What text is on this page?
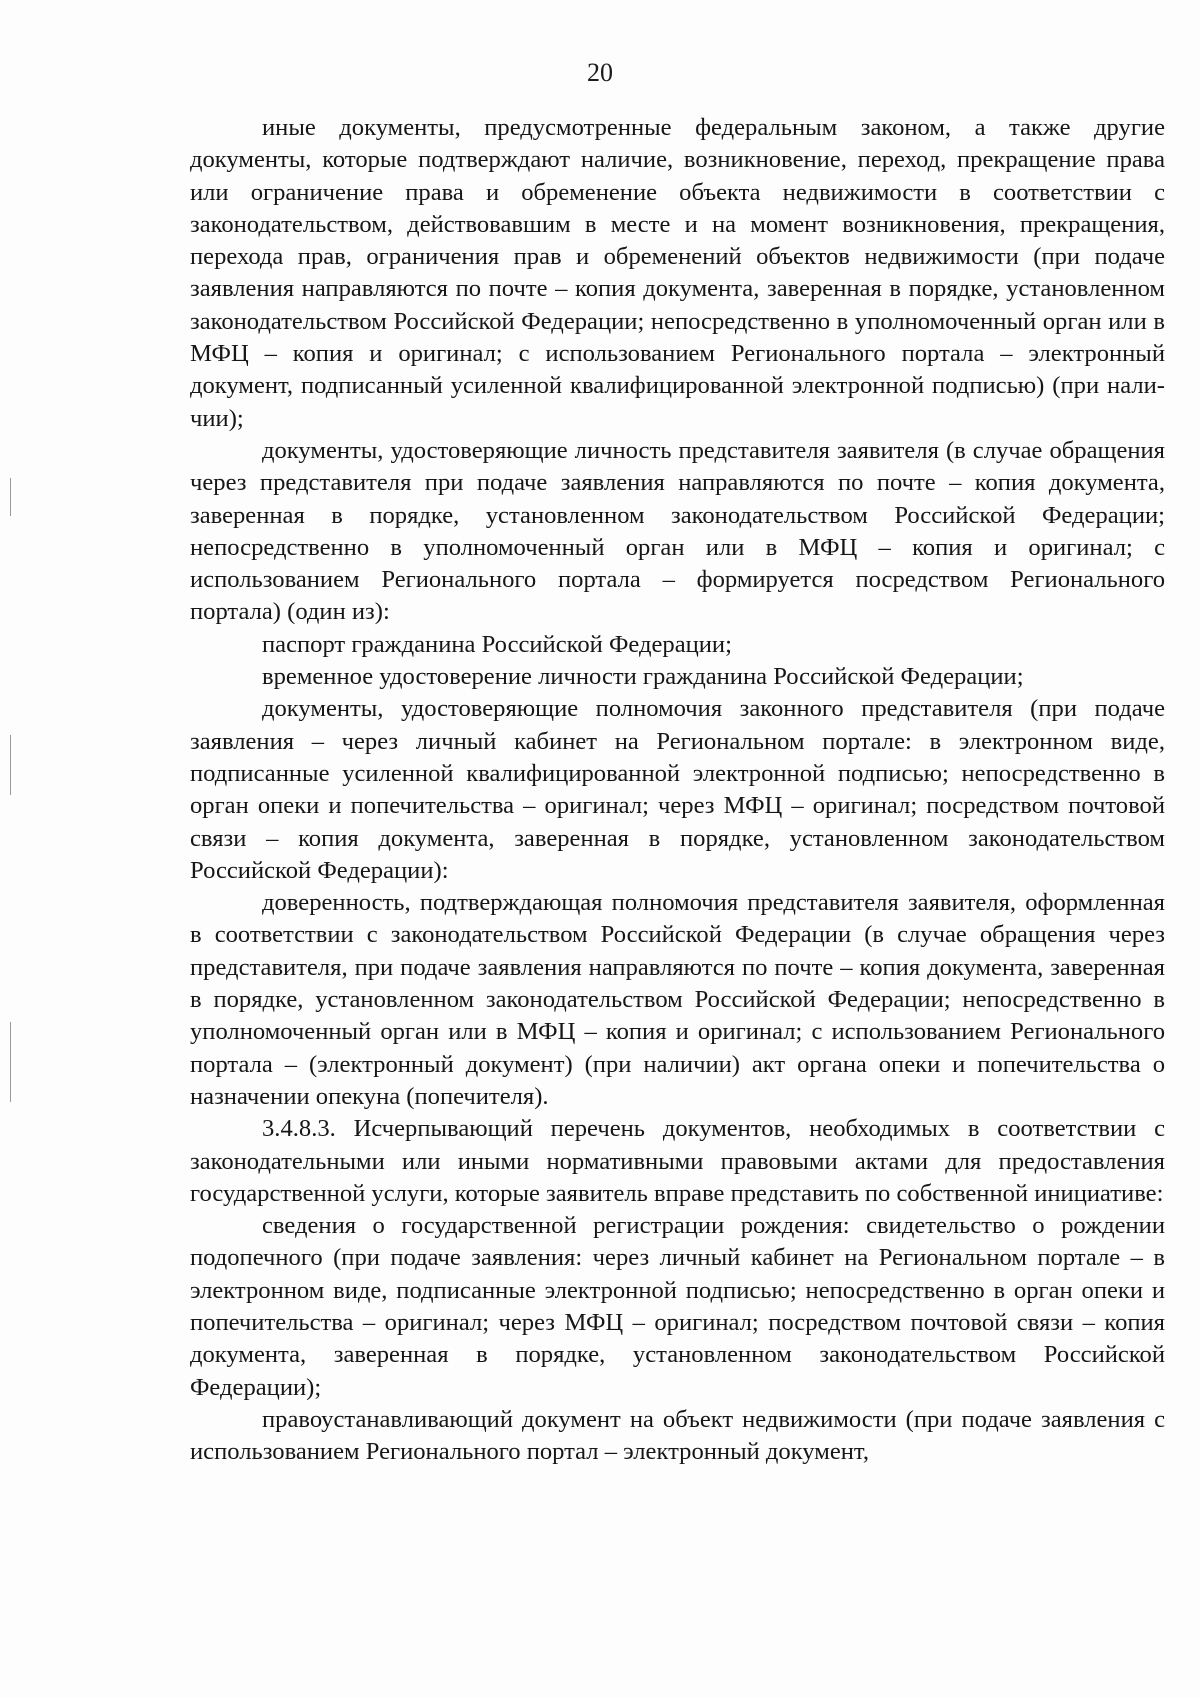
20

иные документы, предусмотренные федеральным законом, а также другие документы, которые подтверждают наличие, возникновение, переход, прекращение права или ограничение права и обременение объекта недвижимости в соответствии с законодательством, действовавшим в месте и на момент возникновения, прекращения, перехода прав, ограничения прав и обременений объектов недвижимости (при подаче заявления направляются по почте – копия документа, заверенная в порядке, установленном законодательством Российской Федерации; непосредственно в уполномоченный орган или в МФЦ – копия и оригинал; с использованием Регионального портала – электронный документ, подписанный усиленной квалифицированной электронной подписью) (при наличии);

документы, удостоверяющие личность представителя заявителя (в случае обращения через представителя при подаче заявления направляются по почте – копия документа, заверенная в порядке, установленном законодательством Российской Федерации; непосредственно в уполномоченный орган или в МФЦ – копия и оригинал; с использованием Регионального портала – формируется посредством Регионального портала) (один из):

паспорт гражданина Российской Федерации;

временное удостоверение личности гражданина Российской Федерации;

документы, удостоверяющие полномочия законного представителя (при подаче заявления – через личный кабинет на Региональном портале: в электронном виде, подписанные усиленной квалифицированной электронной подписью; непосредственно в орган опеки и попечительства – оригинал; через МФЦ – оригинал; посредством почтовой связи – копия документа, заверенная в порядке, установленном законодательством Российской Федерации):

доверенность, подтверждающая полномочия представителя заявителя, оформленная в соответствии с законодательством Российской Федерации (в случае обращения через представителя, при подаче заявления направляются по почте – копия документа, заверенная в порядке, установленном законодательством Российской Федерации; непосредственно в уполномоченный орган или в МФЦ – копия и оригинал; с использованием Регионального портала – (электронный документ) (при наличии) акт органа опеки и попечительства о назначении опекуна (попечителя).

3.4.8.3. Исчерпывающий перечень документов, необходимых в соответствии с законодательными или иными нормативными правовыми актами для предоставления государственной услуги, которые заявитель вправе представить по собственной инициативе:

сведения о государственной регистрации рождения: свидетельство о рождении подопечного (при подаче заявления: через личный кабинет на Региональном портале – в электронном виде, подписанные электронной подписью; непосредственно в орган опеки и попечительства – оригинал; через МФЦ – оригинал; посредством почтовой связи – копия документа, заверенная в порядке, установленном законодательством Российской Федерации);

правоустанавливающий документ на объект недвижимости (при подаче заявления с использованием Регионального портал – электронный документ,
